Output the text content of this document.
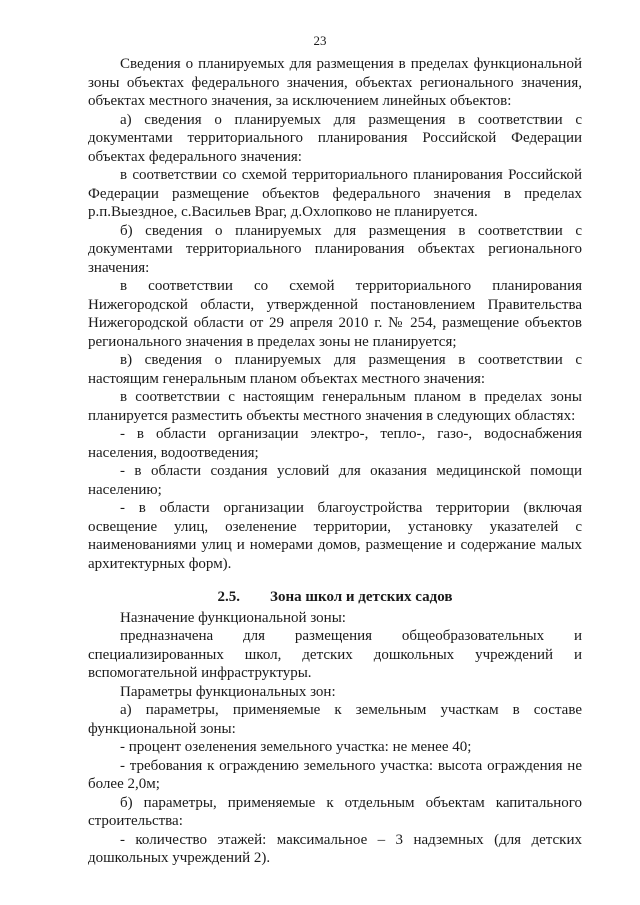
23

Сведения о планируемых для размещения в пределах функциональной зоны объектах федерального значения, объектах регионального значения, объектах местного значения, за исключением линейных объектов:

а) сведения о планируемых для размещения в соответствии с документами территориального планирования Российской Федерации объектах федерального значения:

в соответствии со схемой территориального планирования Российской Федерации размещение объектов федерального значения в пределах р.п.Выездное, с.Васильев Враг, д.Охлопково не планируется.

б) сведения о планируемых для размещения в соответствии с документами территориального планирования объектах регионального значения:

в соответствии со схемой территориального планирования Нижегородской области, утвержденной постановлением Правительства Нижегородской области от 29 апреля 2010 г. № 254, размещение объектов регионального значения в пределах зоны не планируется;

в) сведения о планируемых для размещения в соответствии с настоящим генеральным планом объектах местного значения:

в соответствии с настоящим генеральным планом в пределах зоны планируется разместить объекты местного значения в следующих областях:

- в области организации электро-, тепло-, газо-, водоснабжения населения, водоотведения;

- в области создания условий для оказания медицинской помощи населению;

- в области организации благоустройства территории (включая освещение улиц, озеленение территории, установку указателей с наименованиями улиц и номерами домов, размещение и содержание малых архитектурных форм).

2.5. Зона школ и детских садов

Назначение функциональной зоны:

предназначена для размещения общеобразовательных и специализированных школ, детских дошкольных учреждений и вспомогательной инфраструктуры.

Параметры функциональных зон:

а) параметры, применяемые к земельным участкам в составе функциональной зоны:

- процент озеленения земельного участка: не менее 40;

- требования к ограждению земельного участка: высота ограждения не более 2,0м;

б) параметры, применяемые к отдельным объектам капитального строительства:

- количество этажей: максимальное – 3 надземных (для детских дошкольных учреждений 2).
